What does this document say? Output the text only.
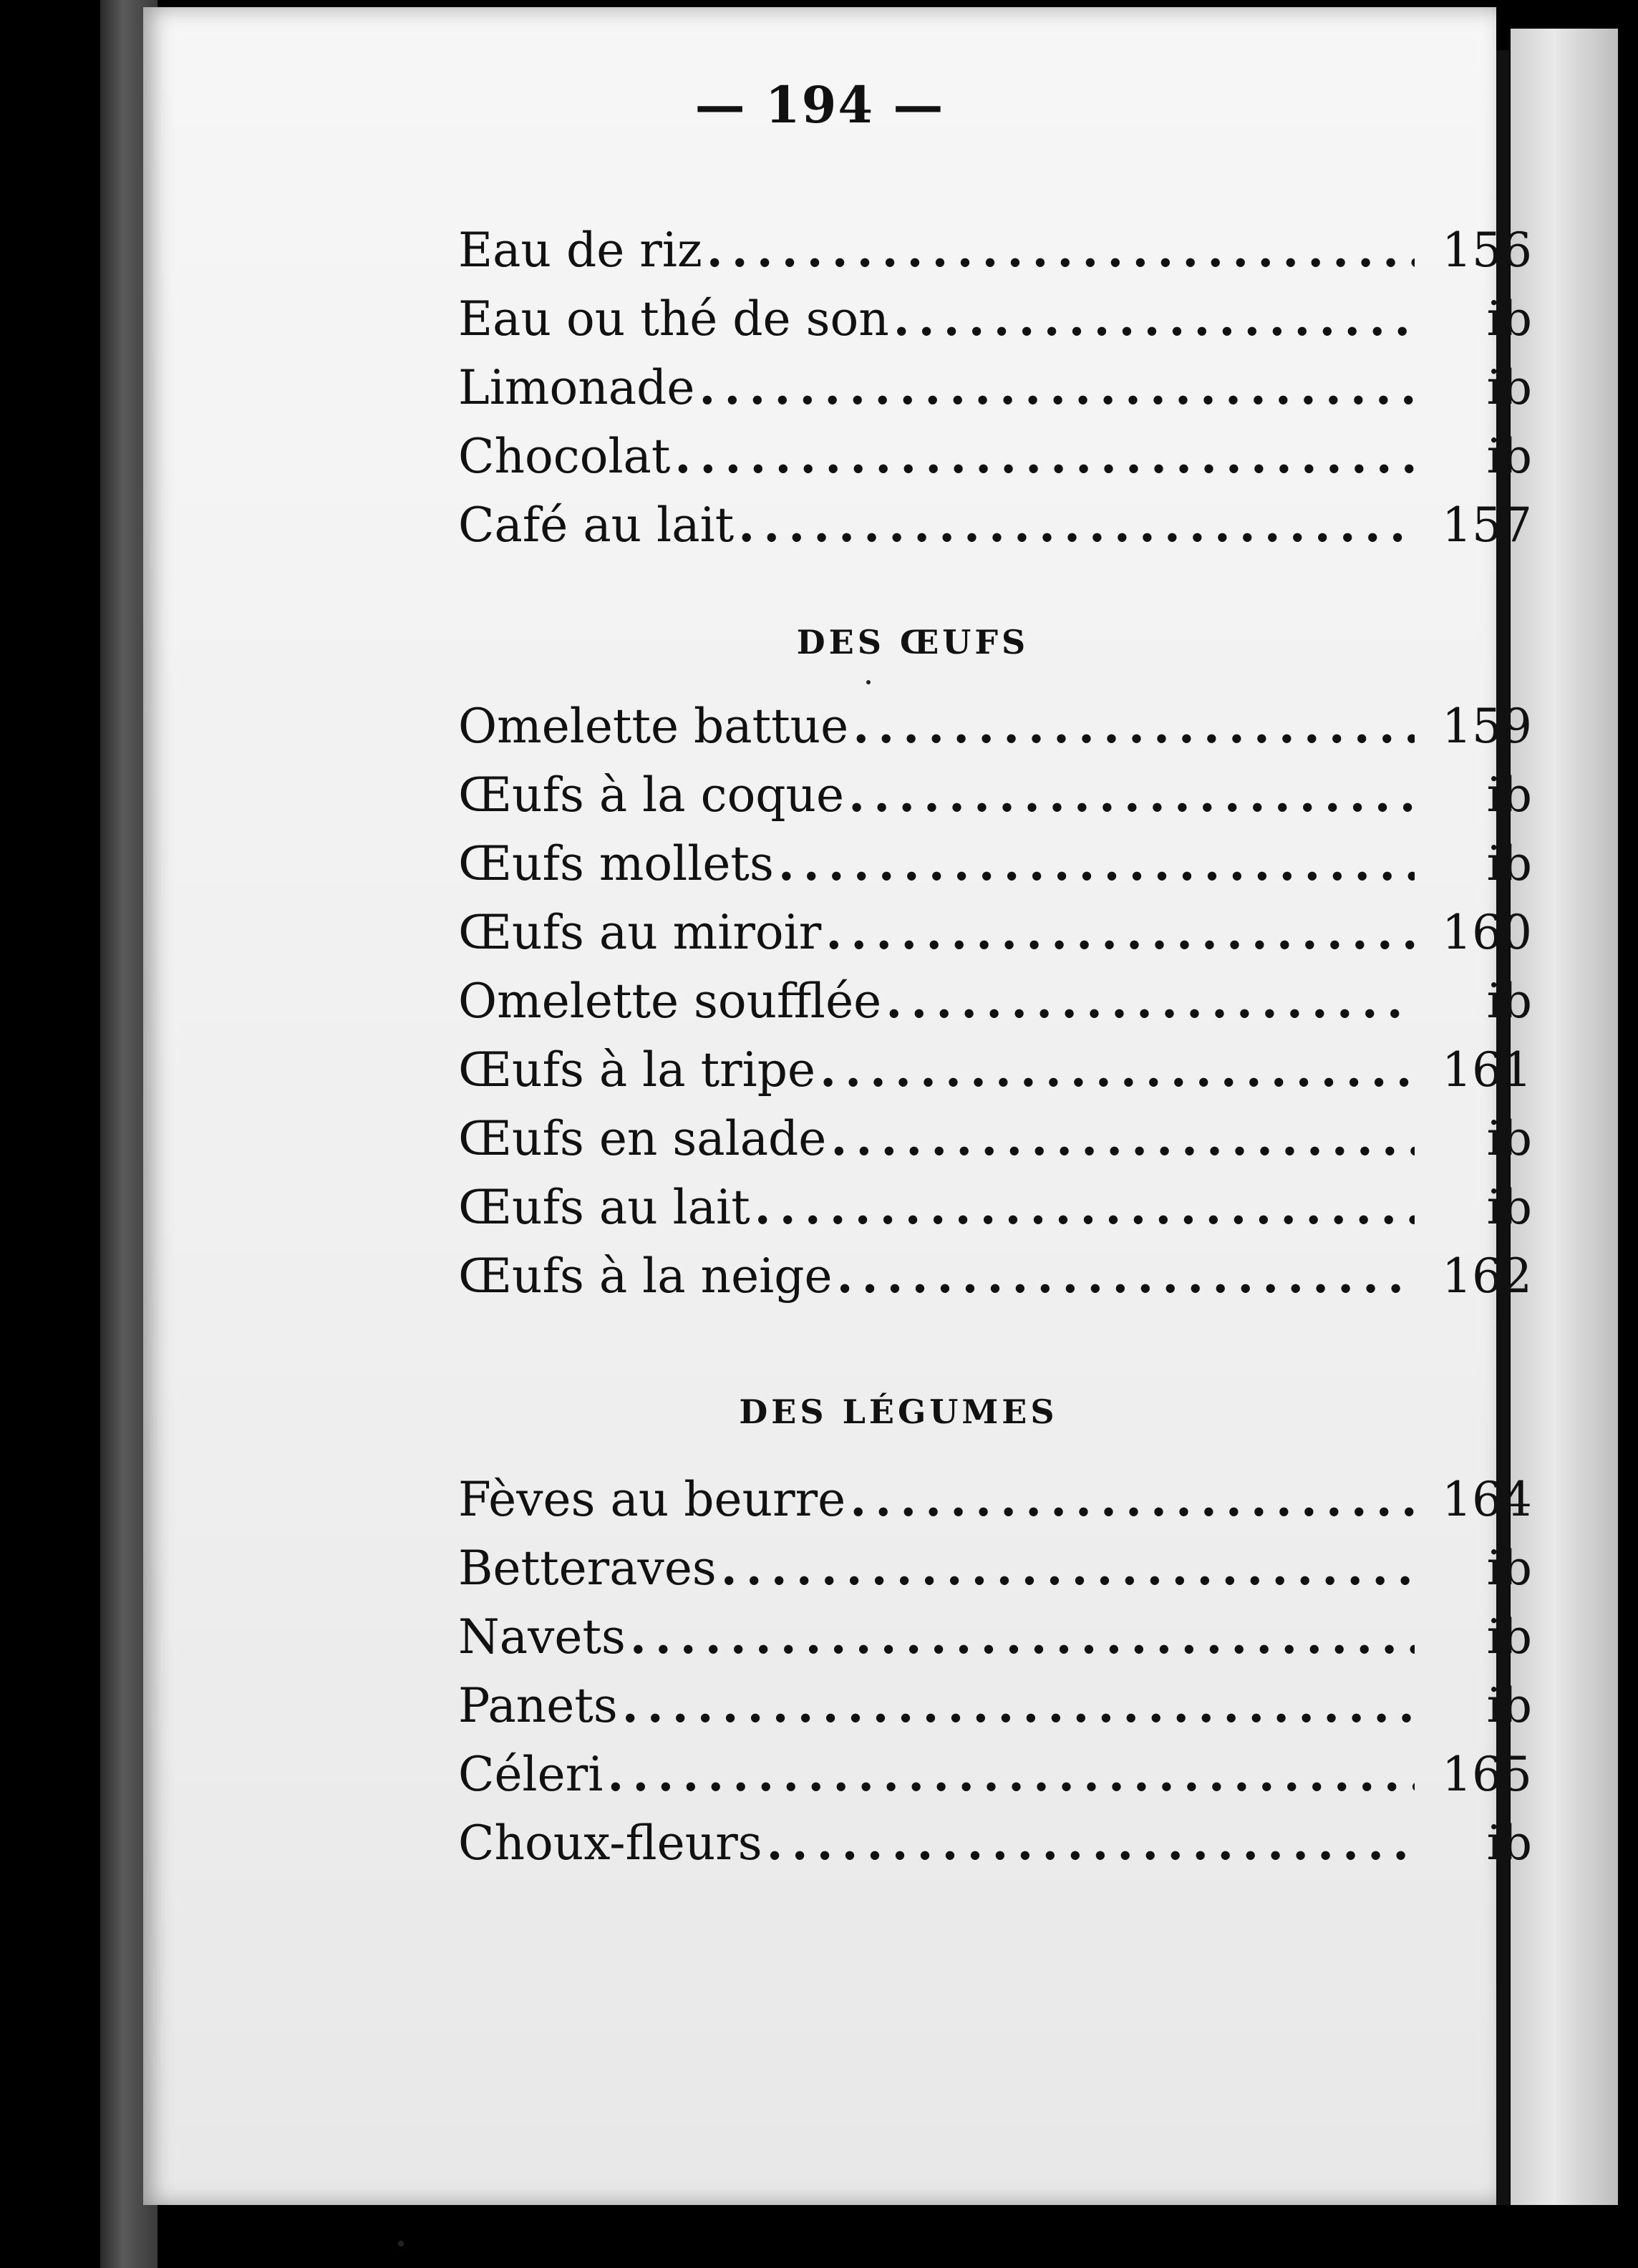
— 194 —
Eau de riz .....	156
Eau ou thé de son .....	ib
Limonade .....	ib
Chocolat .....	ib
Café au lait .....	157
DES ŒUFS
Omelette battue .....	159
Œufs à la coque .....	ib
Œufs mollets .....	ib
Œufs au miroir .....	160
Omelette soufflée .....	ib
Œufs à la tripe .....	161
Œufs en salade .....	ib
Œufs au lait .....	ib
Œufs à la neige .....	162
DES LÉGUMES
Fèves au beurre .....	164
Betteraves .....	ib
Navets .....	ib
Panets .....	ib
Céleri .....	165
Choux-fleurs .....	ib
